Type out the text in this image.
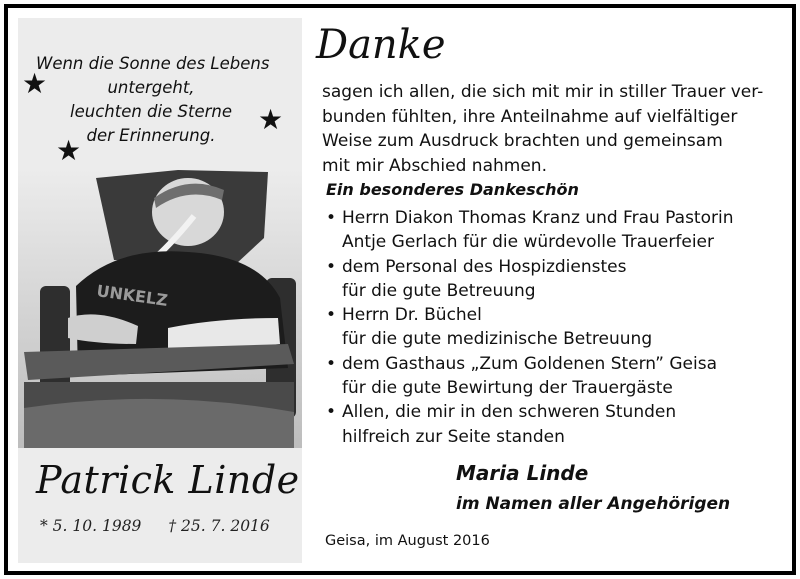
Wenn die Sonne des Lebens
untergeht,
leuchten die Sterne
der Erinnerung.
★
★
★
UNKELZ
Patrick Linde
* 5. 10. 1989 † 25. 7. 2016
Danke
sagen ich allen, die sich mit mir in stiller Trauer ver-
bunden fühlten, ihre Anteilnahme auf vielfältiger
Weise zum Ausdruck brachten und gemeinsam
mit mir Abschied nahmen.
Ein besonderes Dankeschön
• Herrn Diakon Thomas Kranz und Frau Pastorin
Antje Gerlach für die würdevolle Trauerfeier
• dem Personal des Hospizdienstes
für die gute Betreuung
• Herrn Dr. Büchel
für die gute medizinische Betreuung
• dem Gasthaus „Zum Goldenen Stern” Geisa
für die gute Bewirtung der Trauergäste
• Allen, die mir in den schweren Stunden
hilfreich zur Seite standen
Maria Linde
im Namen aller Angehörigen
Geisa, im August 2016
